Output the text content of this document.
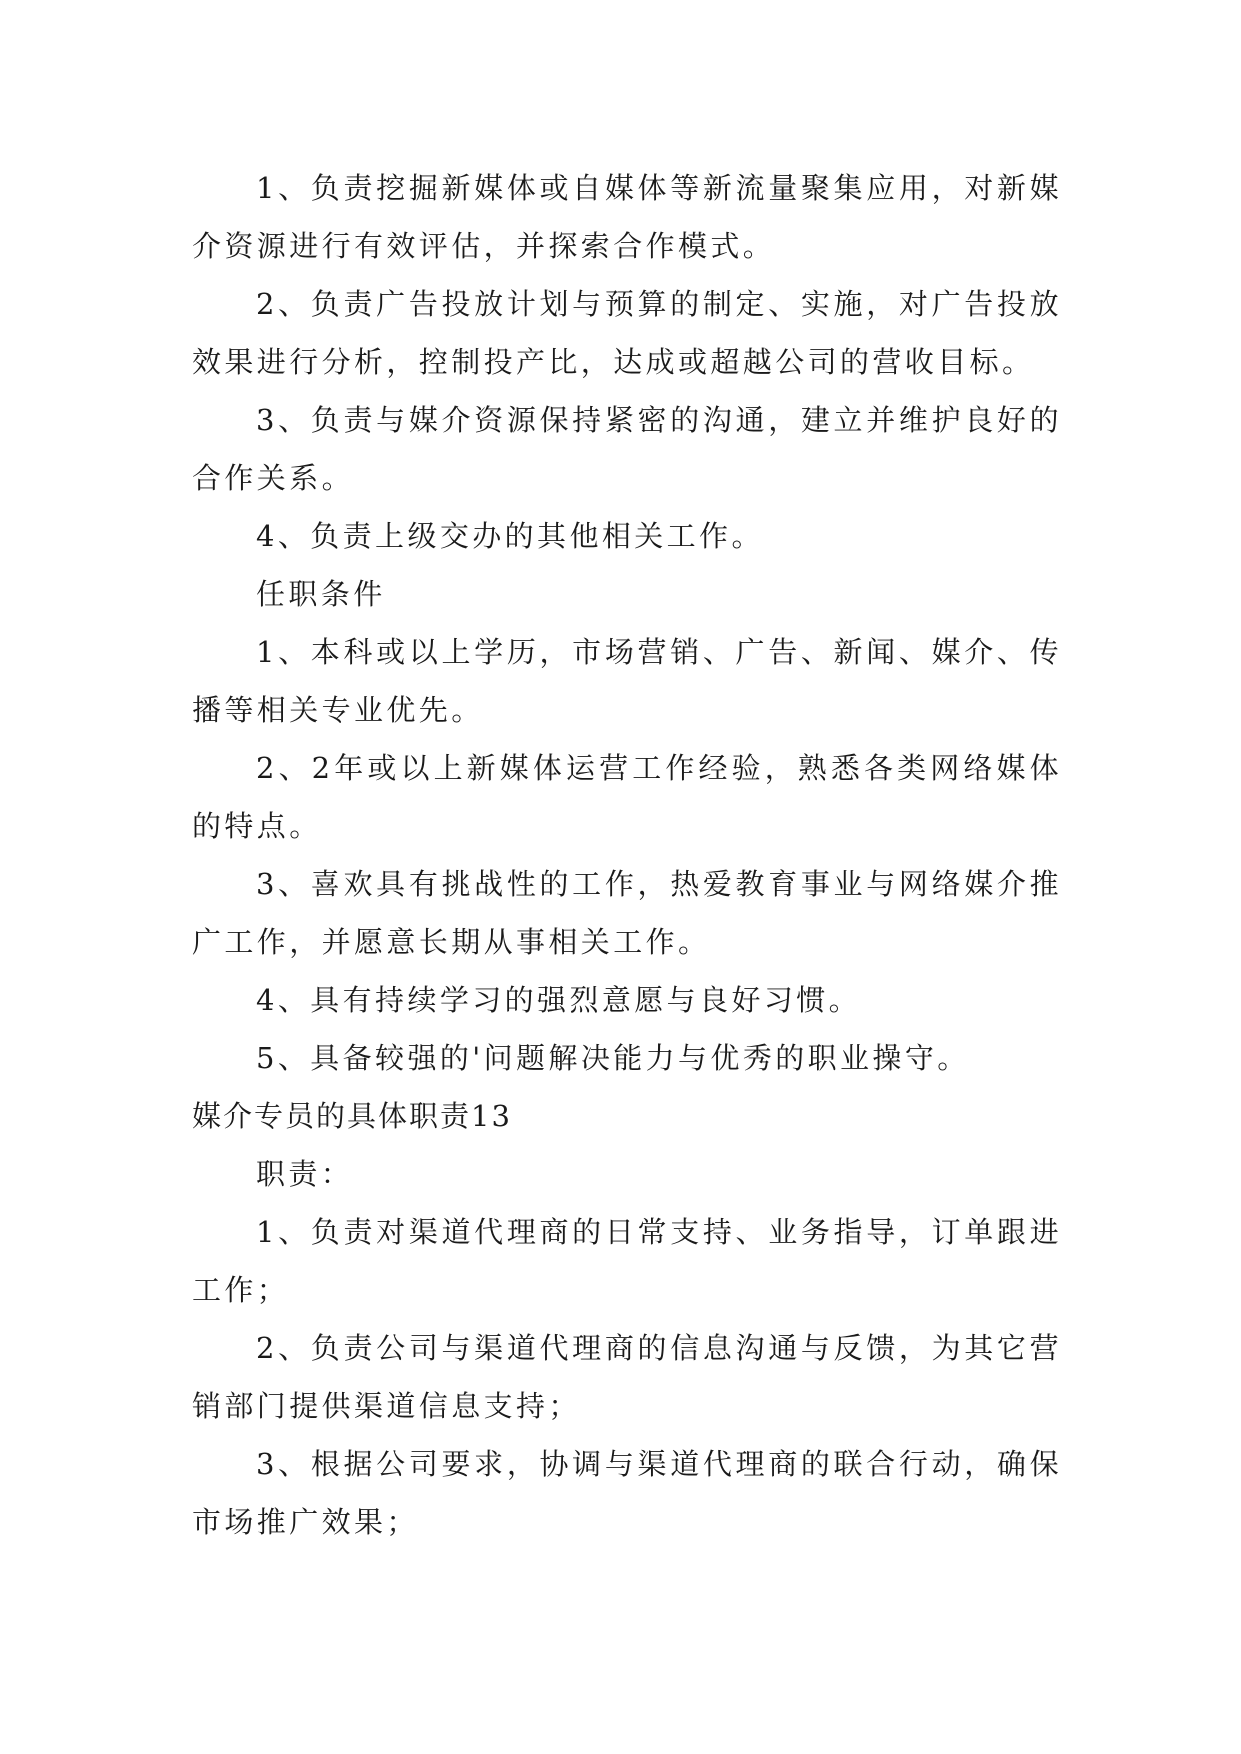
1、负责挖掘新媒体或自媒体等新流量聚集应用，对新媒介资源进行有效评估，并探索合作模式。

2、负责广告投放计划与预算的制定、实施，对广告投放效果进行分析，控制投产比，达成或超越公司的营收目标。

3、负责与媒介资源保持紧密的沟通，建立并维护良好的合作关系。

4、负责上级交办的其他相关工作。

任职条件

1、本科或以上学历，市场营销、广告、新闻、媒介、传播等相关专业优先。

2、2年或以上新媒体运营工作经验，熟悉各类网络媒体的特点。

3、喜欢具有挑战性的工作，热爱教育事业与网络媒介推广工作，并愿意长期从事相关工作。

4、具有持续学习的强烈意愿与良好习惯。

5、具备较强的'问题解决能力与优秀的职业操守。

媒介专员的具体职责13

职责：

1、负责对渠道代理商的日常支持、业务指导，订单跟进工作；

2、负责公司与渠道代理商的信息沟通与反馈，为其它营销部门提供渠道信息支持；

3、根据公司要求，协调与渠道代理商的联合行动，确保市场推广效果；
